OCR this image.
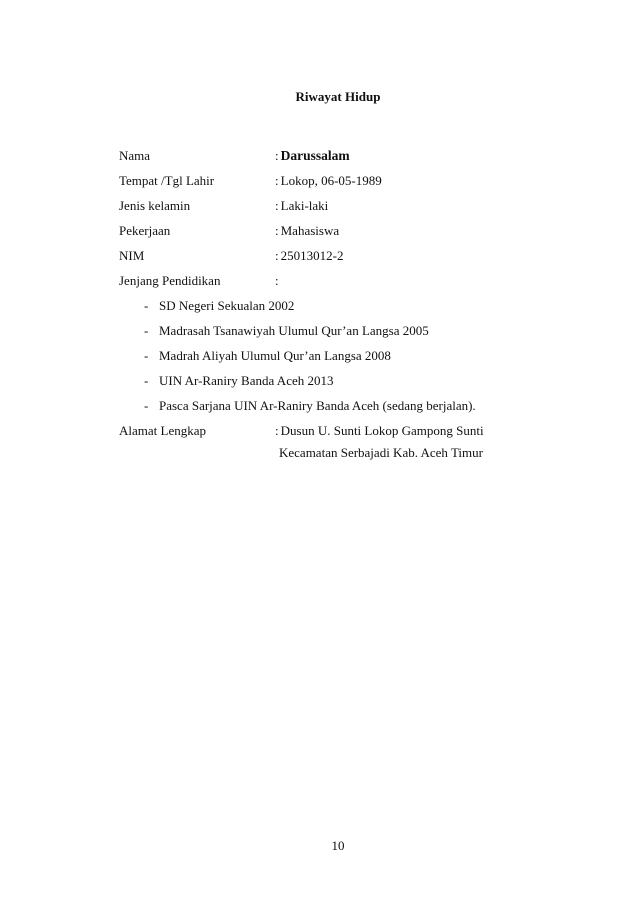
Riwayat Hidup
Nama	: Darussalam
Tempat /Tgl Lahir	: Lokop, 06-05-1989
Jenis kelamin	: Laki-laki
Pekerjaan	: Mahasiswa
NIM	: 25013012-2
Jenjang Pendidikan	:
- SD Negeri Sekualan 2002
- Madrasah Tsanawiyah Ulumul Qur’an Langsa 2005
- Madrah Aliyah Ulumul Qur’an Langsa 2008
- UIN Ar-Raniry Banda Aceh 2013
- Pasca Sarjana UIN Ar-Raniry Banda Aceh (sedang berjalan).
Alamat Lengkap	: Dusun U. Sunti Lokop Gampong Sunti
Kecamatan Serbajadi Kab. Aceh Timur
10
